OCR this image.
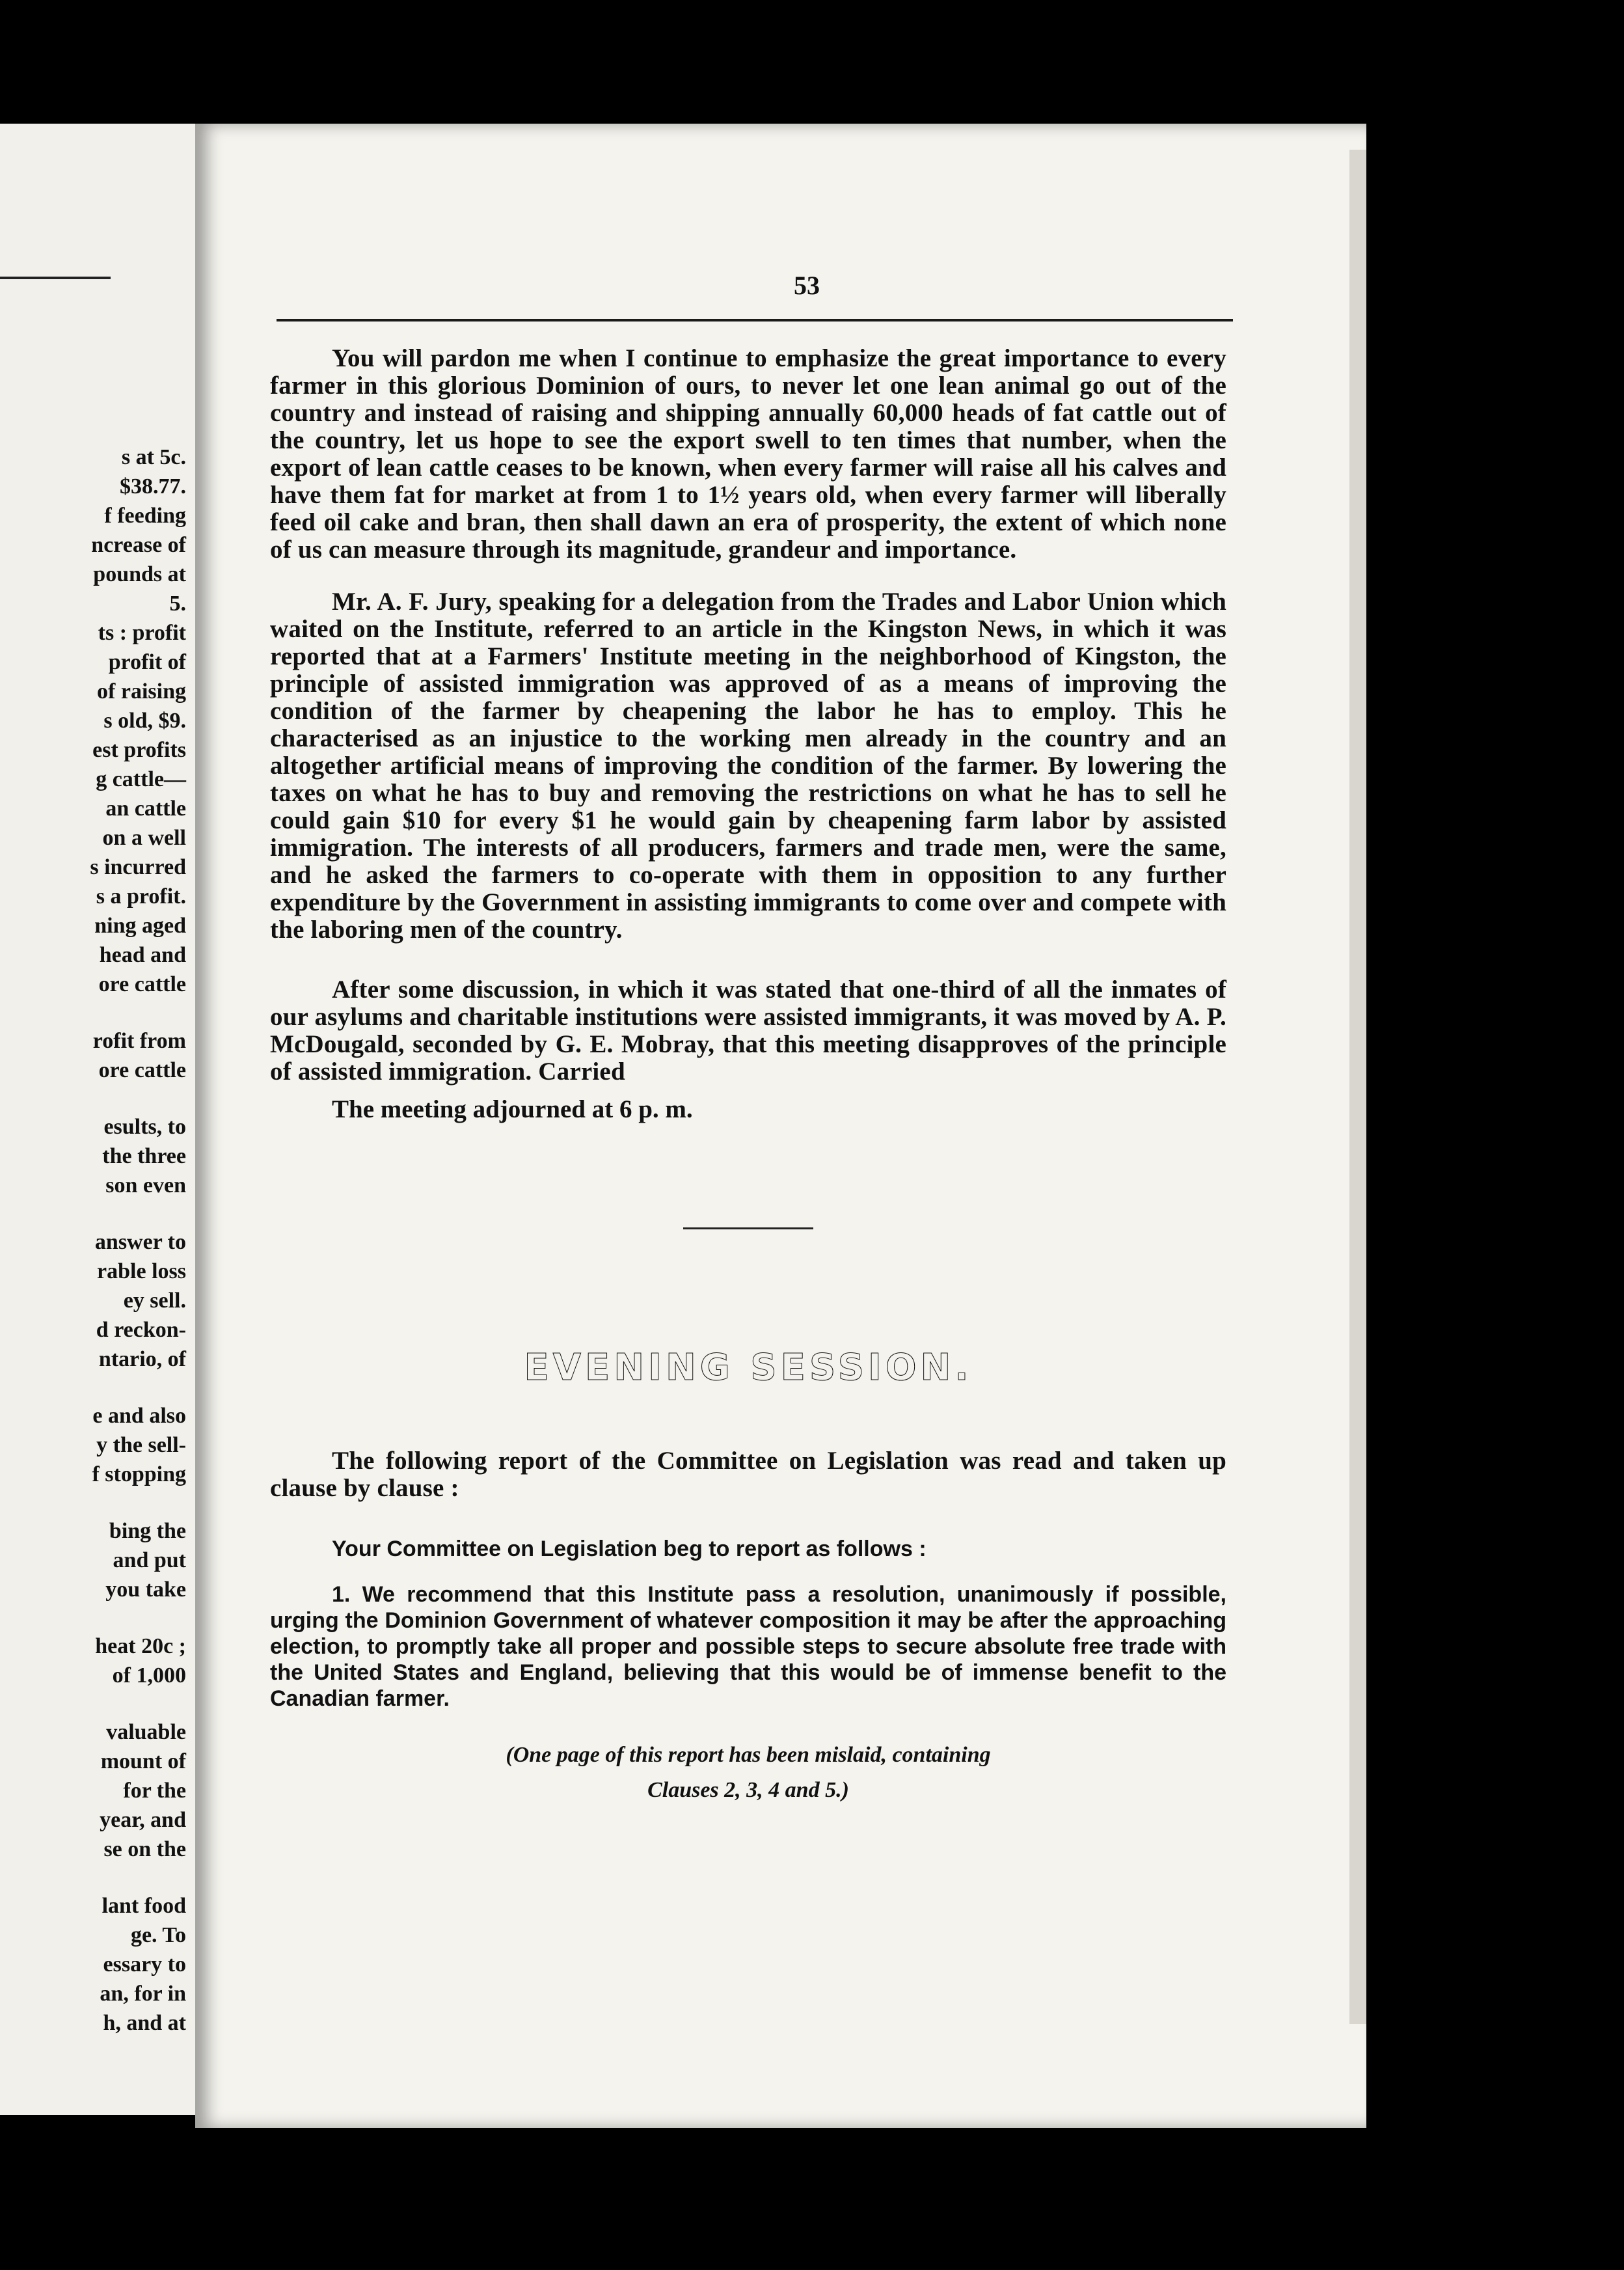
s at 5c.
$38.77.
f feeding
ncrease of
pounds at
5.
ts : profit
profit of
of raising
s old, $9.
est profits
g cattle—
an cattle
on a well
s incurred
s a profit.
ning aged
head and
ore cattle
rofit from
ore cattle
esults, to
the three
son even
answer to
rable loss
ey sell.
d reckon-
ntario, of
e and also
y the sell-
f stopping
bing the
and put
you take
heat 20c ;
of 1,000
valuable
mount of
for the
year, and
se on the
lant food
ge. To
essary to
an, for in
h, and at
53

You will pardon me when I continue to emphasize the great importance to every farmer in this glorious Dominion of ours, to never let one lean animal go out of the country and instead of raising and shipping annually 60,000 heads of fat cattle out of the country, let us hope to see the export swell to ten times that number, when the export of lean cattle ceases to be known, when every farmer will raise all his calves and have them fat for market at from 1 to 1½ years old, when every farmer will liberally feed oil cake and bran, then shall dawn an era of prosperity, the extent of which none of us can measure through its magnitude, grandeur and importance.

Mr. A. F. Jury, speaking for a delegation from the Trades and Labor Union which waited on the Institute, referred to an article in the Kingston News, in which it was reported that at a Farmers' Institute meeting in the neighborhood of Kingston, the principle of assisted immigration was approved of as a means of improving the condition of the farmer by cheapening the labor he has to employ. This he characterised as an injustice to the working men already in the country and an altogether artificial means of improving the condition of the farmer. By lowering the taxes on what he has to buy and removing the restrictions on what he has to sell he could gain $10 for every $1 he would gain by cheapening farm labor by assisted immigration. The interests of all producers, farmers and trade men, were the same, and he asked the farmers to co-operate with them in opposition to any further expenditure by the Government in assisting immigrants to come over and compete with the laboring men of the country.

After some discussion, in which it was stated that one-third of all the inmates of our asylums and charitable institutions were assisted immigrants, it was moved by A. P. McDougald, seconded by G. E. Mobray, that this meeting disapproves of the principle of assisted immigration. Carried

The meeting adjourned at 6 p. m.
EVENING SESSION.

The following report of the Committee on Legislation was read and taken up clause by clause :

Your Committee on Legislation beg to report as follows :

1. We recommend that this Institute pass a resolution, unanimously if possible, urging the Dominion Government of whatever composition it may be after the approaching election, to promptly take all proper and possible steps to secure absolute free trade with the United States and England, believing that this would be of immense benefit to the Canadian farmer.

(One page of this report has been mislaid, containing
Clauses 2, 3, 4 and 5.)
